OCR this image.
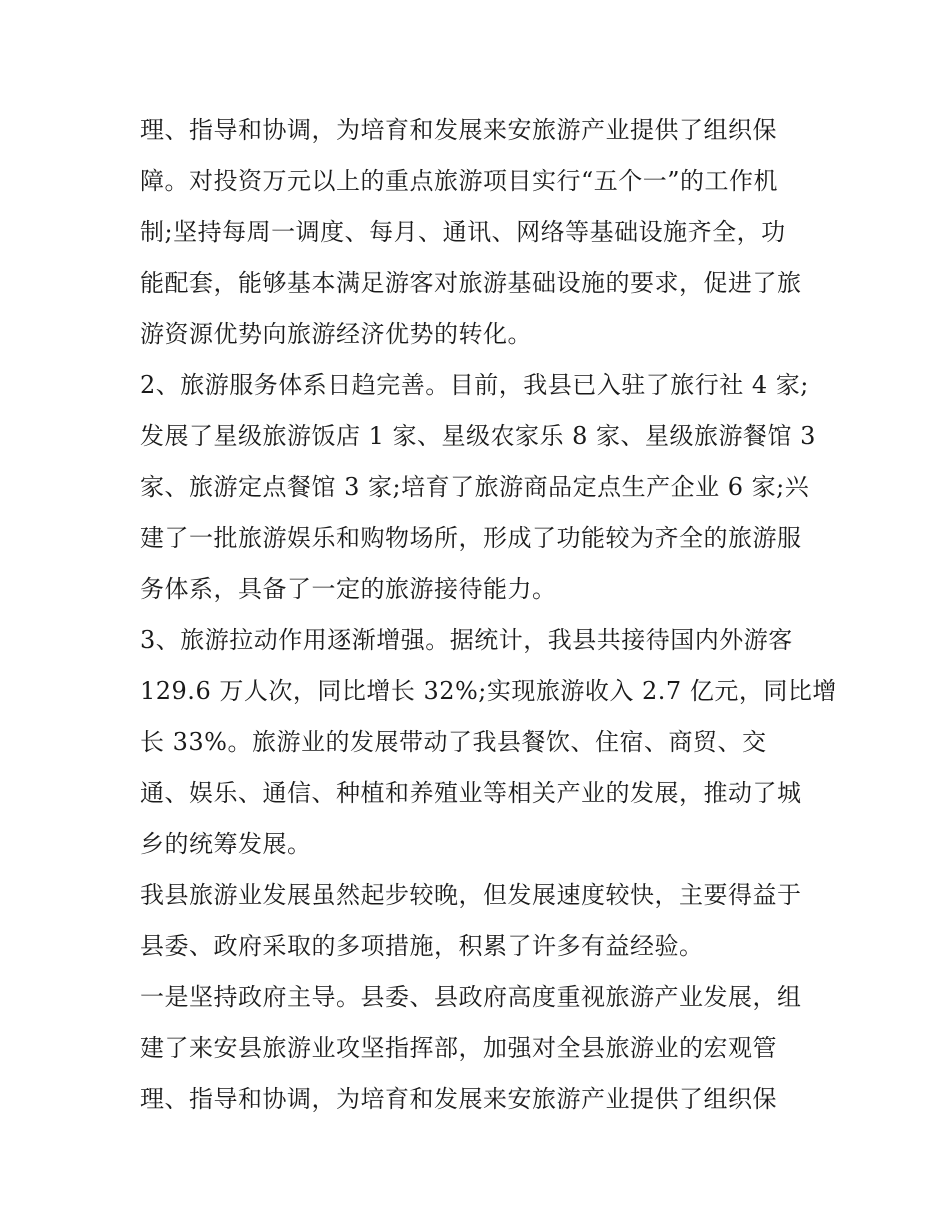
理、指导和协调，为培育和发展来安旅游产业提供了组织保
障。对投资万元以上的重点旅游项目实行“五个一”的工作机
制;坚持每周一调度、每月、通讯、网络等基础设施齐全，功
能配套，能够基本满足游客对旅游基础设施的要求，促进了旅
游资源优势向旅游经济优势的转化。
2、旅游服务体系日趋完善。目前，我县已入驻了旅行社 4 家;
发展了星级旅游饭店 1 家、星级农家乐 8 家、星级旅游餐馆 3
家、旅游定点餐馆 3 家;培育了旅游商品定点生产企业 6 家;兴
建了一批旅游娱乐和购物场所，形成了功能较为齐全的旅游服
务体系，具备了一定的旅游接待能力。
3、旅游拉动作用逐渐增强。据统计，我县共接待国内外游客
129.6 万人次，同比增长 32%;实现旅游收入 2.7 亿元，同比增
长 33%。旅游业的发展带动了我县餐饮、住宿、商贸、交
通、娱乐、通信、种植和养殖业等相关产业的发展，推动了城
乡的统筹发展。
我县旅游业发展虽然起步较晚，但发展速度较快，主要得益于
县委、政府采取的多项措施，积累了许多有益经验。
一是坚持政府主导。县委、县政府高度重视旅游产业发展，组
建了来安县旅游业攻坚指挥部，加强对全县旅游业的宏观管
理、指导和协调，为培育和发展来安旅游产业提供了组织保
